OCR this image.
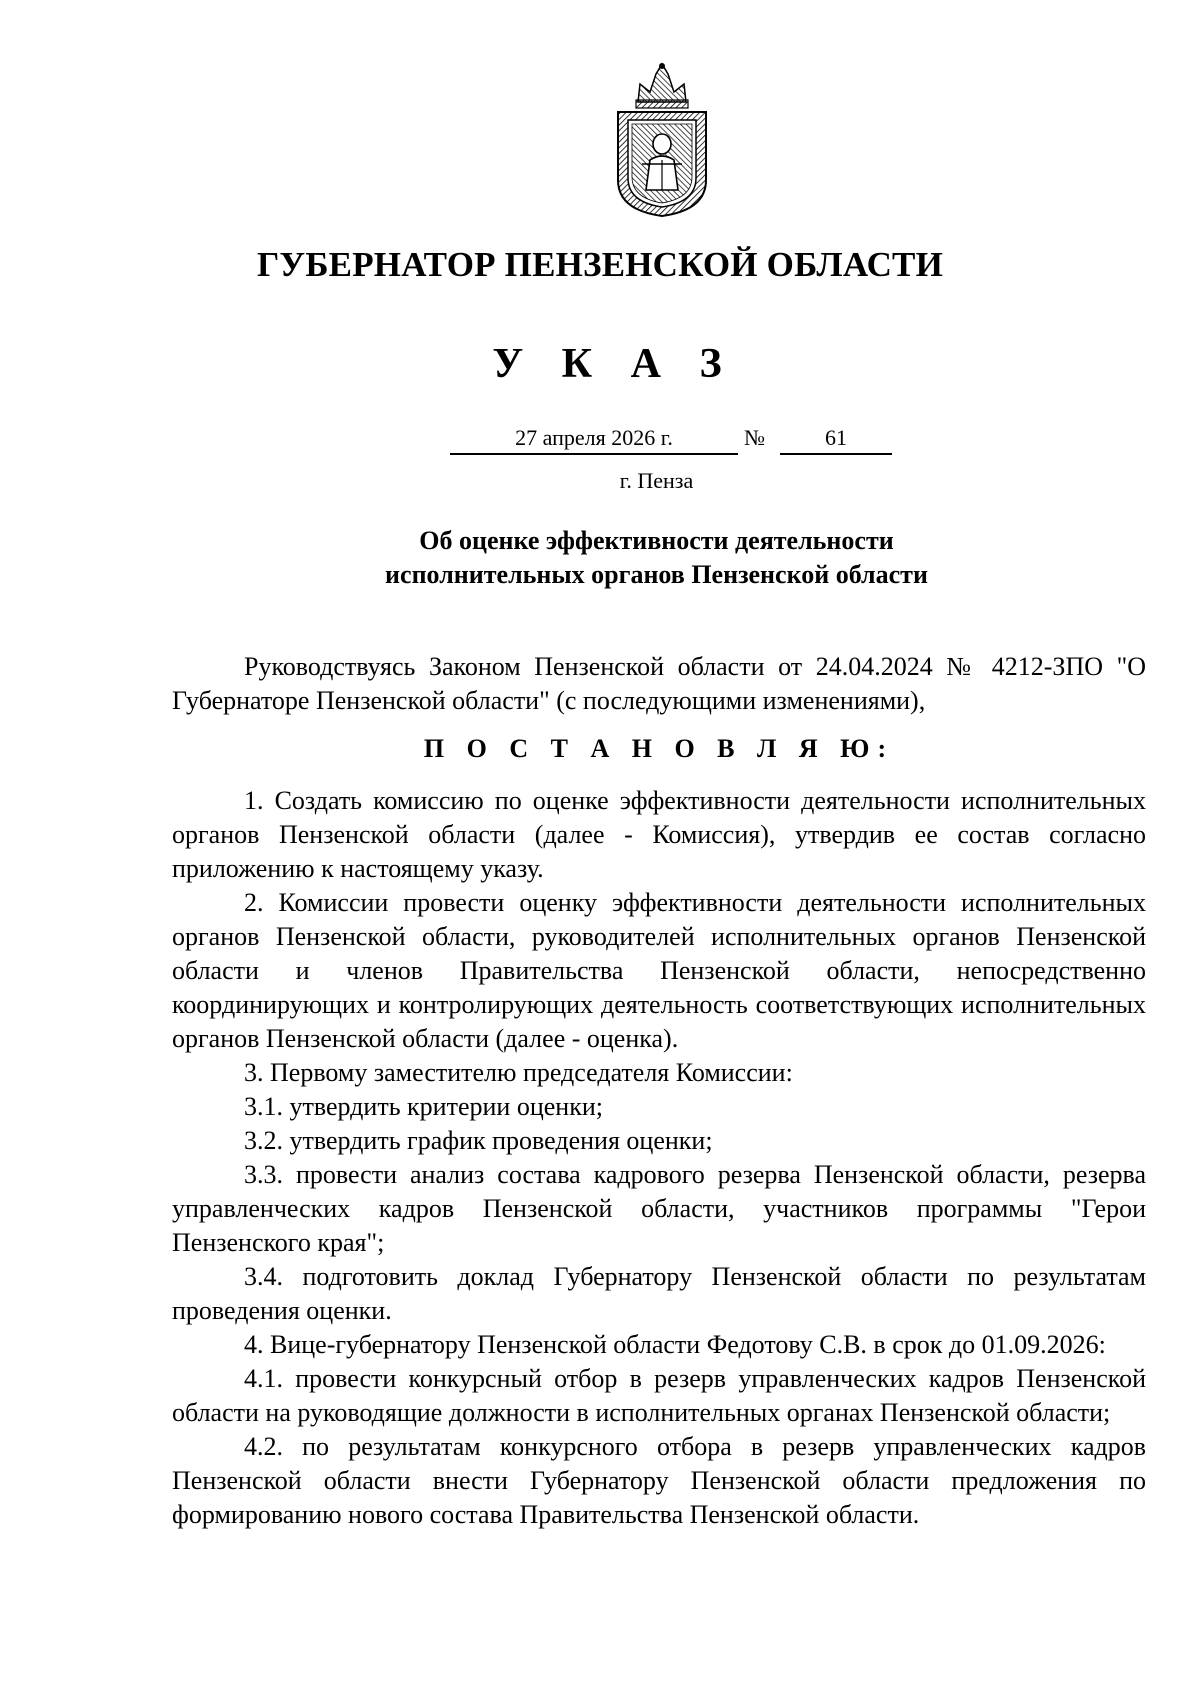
ГУБЕРНАТОР ПЕНЗЕНСКОЙ ОБЛАСТИ
У К А З
27 апреля 2026 г.	№	61
г. Пенза
Об оценке эффективности деятельности
исполнительных органов Пензенской области

Руководствуясь Законом Пензенской области от 24.04.2024 № 4212-ЗПО "О Губернаторе Пензенской области" (с последующими изменениями),

П О С Т А Н О В Л Я Ю:

1. Создать комиссию по оценке эффективности деятельности исполнительных органов Пензенской области (далее - Комиссия), утвердив ее состав согласно приложению к настоящему указу.

2. Комиссии провести оценку эффективности деятельности исполнительных органов Пензенской области, руководителей исполнительных органов Пензенской области и членов Правительства Пензенской области, непосредственно координирующих и контролирующих деятельность соответствующих исполнительных органов Пензенской области (далее - оценка).

3. Первому заместителю председателя Комиссии:

3.1. утвердить критерии оценки;

3.2. утвердить график проведения оценки;

3.3. провести анализ состава кадрового резерва Пензенской области, резерва управленческих кадров Пензенской области, участников программы "Герои Пензенского края";

3.4. подготовить доклад Губернатору Пензенской области по результатам проведения оценки.

4. Вице-губернатору Пензенской области Федотову С.В. в срок до 01.09.2026:

4.1. провести конкурсный отбор в резерв управленческих кадров Пензенской области на руководящие должности в исполнительных органах Пензенской области;

4.2. по результатам конкурсного отбора в резерв управленческих кадров Пензенской области внести Губернатору Пензенской области предложения по формированию нового состава Правительства Пензенской области.
